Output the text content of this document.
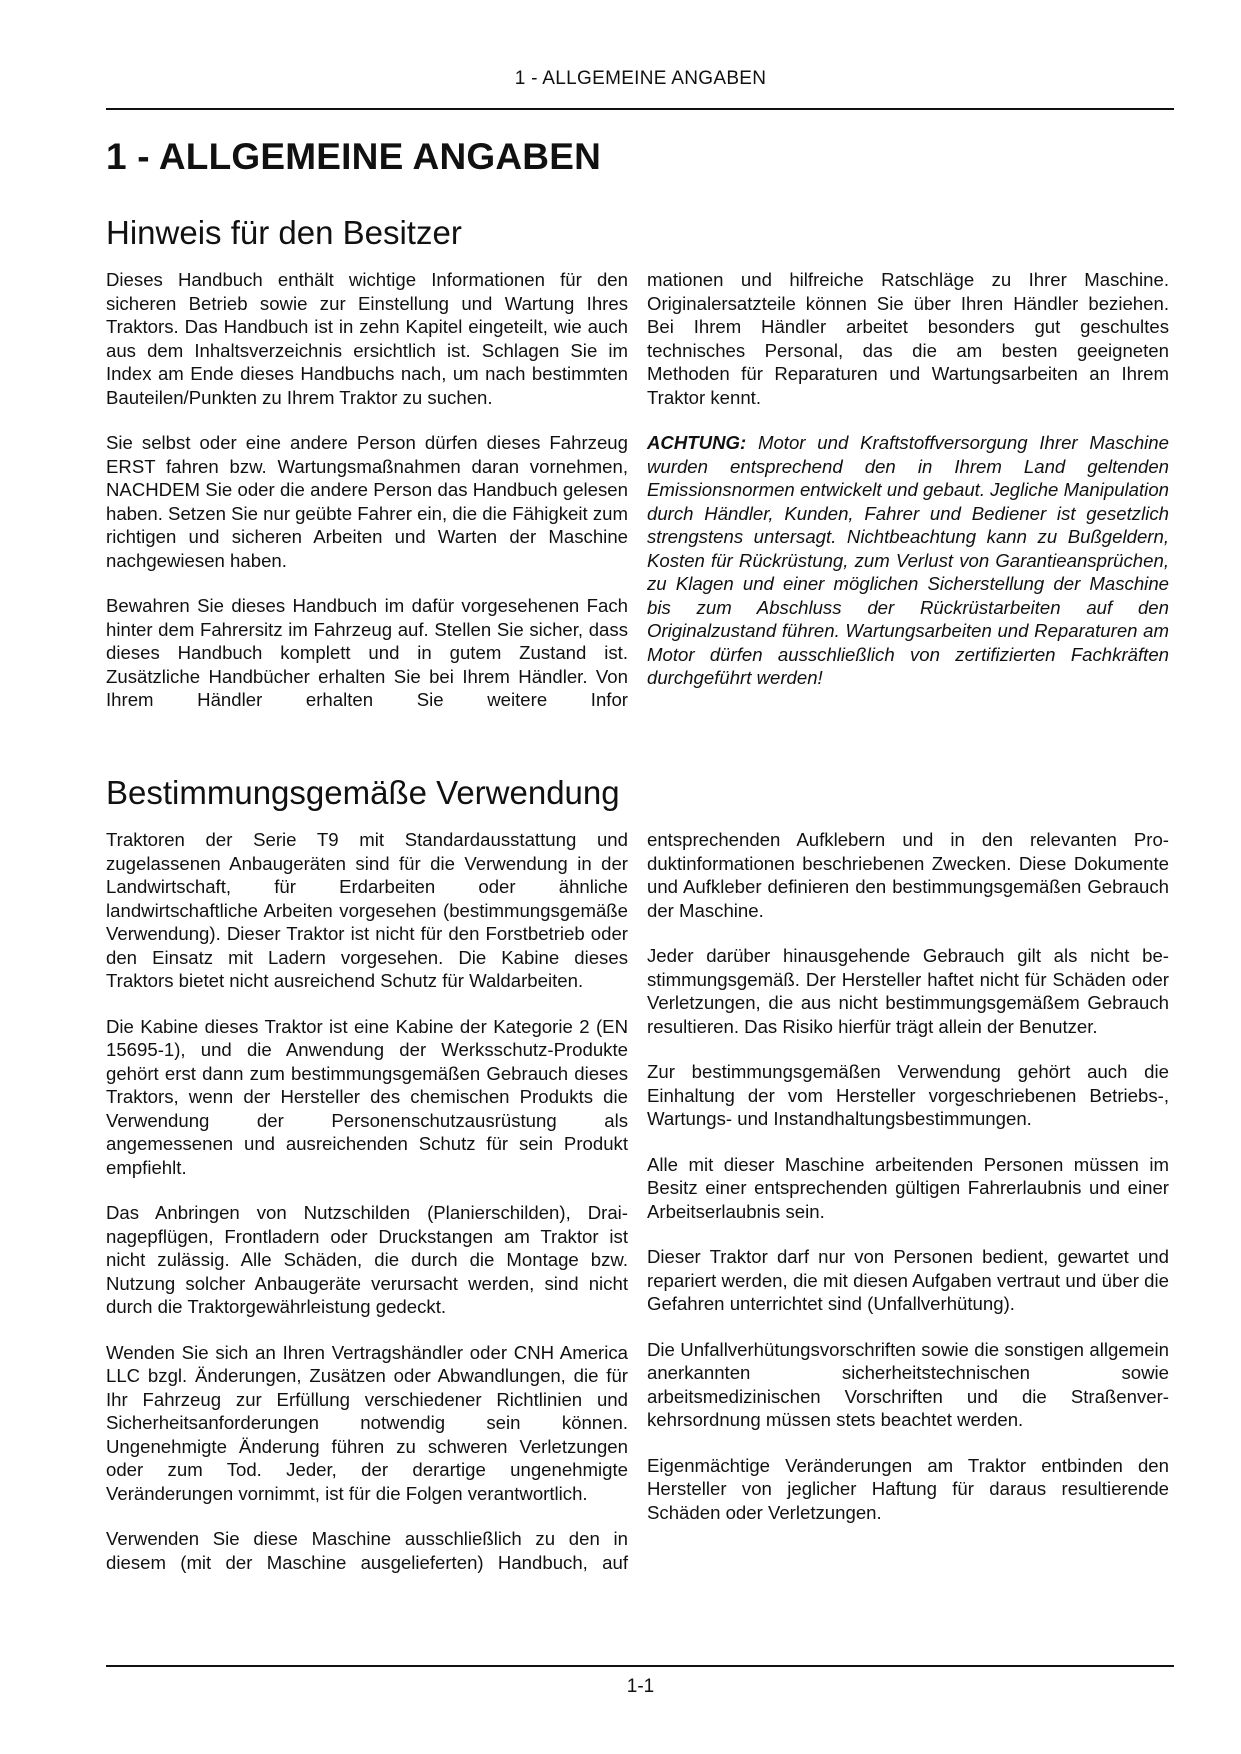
1 - ALLGEMEINE ANGABEN
1 - ALLGEMEINE ANGABEN
Hinweis für den Besitzer

Dieses Handbuch enthält wichtige Informationen für den sicheren Betrieb sowie zur Einstellung und Wartung Ihres Traktors. Das Handbuch ist in zehn Kapitel eingeteilt, wie auch aus dem Inhaltsverzeichnis ersichtlich ist. Schlagen Sie im Index am Ende dieses Handbuchs nach, um nach bestimmten Bauteilen/Punkten zu Ihrem Traktor zu suchen.

Sie selbst oder eine andere Person dürfen dieses Fahrzeug ERST fahren bzw. Wartungsmaßnahmen daran vornehmen, NACHDEM Sie oder die andere Person das Handbuch gelesen haben. Setzen Sie nur geübte Fahrer ein, die die Fähigkeit zum richtigen und sicheren Arbeiten und Warten der Maschine nachgewiesen haben.

Bewahren Sie dieses Handbuch im dafür vorgesehenen Fach hinter dem Fahrersitz im Fahrzeug auf. Stellen Sie sicher, dass dieses Handbuch komplett und in gutem Zustand ist. Zusätzliche Handbücher erhalten Sie bei Ihrem Händler. Von Ihrem Händler erhalten Sie weitere Infor

mationen und hilfreiche Ratschläge zu Ihrer Maschine. Originalersatzteile können Sie über Ihren Händler beziehen. Bei Ihrem Händler arbeitet besonders gut geschultes technisches Personal, das die am besten geeigneten Methoden für Reparaturen und Wartungsarbeiten an Ihrem Traktor kennt.

ACHTUNG: Motor und Kraftstoffversorgung Ihrer Maschine wurden entsprechend den in Ihrem Land geltenden Emissionsnormen entwickelt und gebaut. Jegliche Manipulation durch Händler, Kunden, Fahrer und Bediener ist gesetzlich strengstens untersagt. Nichtbeachtung kann zu Bußgeldern, Kosten für Rückrüstung, zum Verlust von Garantieansprüchen, zu Klagen und einer möglichen Sicherstellung der Maschine bis zum Abschluss der Rückrüstarbeiten auf den Originalzustand führen. Wartungsarbeiten und Reparaturen am Motor dürfen ausschließlich von zertifizierten Fachkräften durchgeführt werden!

Bestimmungsgemäße Verwendung

Traktoren der Serie T9 mit Standardausstattung und zugelassenen Anbaugeräten sind für die Verwendung in der Landwirtschaft, für Erdarbeiten oder ähnliche landwirtschaftliche Arbeiten vorgesehen (bestimmungsgemäße Verwendung). Dieser Traktor ist nicht für den Forstbetrieb oder den Einsatz mit Ladern vorgesehen. Die Kabine dieses Traktors bietet nicht ausreichend Schutz für Waldarbeiten.

Die Kabine dieses Traktor ist eine Kabine der Kategorie 2 (EN 15695-1), und die Anwendung der Werksschutz-Produkte gehört erst dann zum bestimmungsgemäßen Gebrauch dieses Traktors, wenn der Hersteller des chemischen Produkts die Verwendung der Personenschutzausrüstung als angemessenen und ausreichenden Schutz für sein Produkt empfiehlt.

Das Anbringen von Nutzschilden (Planierschilden), Drainagepflügen, Frontladern oder Druckstangen am Traktor ist nicht zulässig. Alle Schäden, die durch die Montage bzw. Nutzung solcher Anbaugeräte verursacht werden, sind nicht durch die Traktorgewährleistung gedeckt.

Wenden Sie sich an Ihren Vertragshändler oder CNH America LLC bzgl. Änderungen, Zusätzen oder Abwandlungen, die für Ihr Fahrzeug zur Erfüllung verschiedener Richtlinien und Sicherheitsanforderungen notwendig sein können. Ungenehmigte Änderung führen zu schweren Verletzungen oder zum Tod. Jeder, der derartige ungenehmigte Veränderungen vornimmt, ist für die Folgen verantwortlich.

Verwenden Sie diese Maschine ausschließlich zu den in diesem (mit der Maschine ausgelieferten) Handbuch, auf

entsprechenden Aufklebern und in den relevanten Produktinformationen beschriebenen Zwecken. Diese Dokumente und Aufkleber definieren den bestimmungsgemäßen Gebrauch der Maschine.

Jeder darüber hinausgehende Gebrauch gilt als nicht bestimmungsgemäß. Der Hersteller haftet nicht für Schäden oder Verletzungen, die aus nicht bestimmungsgemäßem Gebrauch resultieren. Das Risiko hierfür trägt allein der Benutzer.

Zur bestimmungsgemäßen Verwendung gehört auch die Einhaltung der vom Hersteller vorgeschriebenen Betriebs-, Wartungs- und Instandhaltungsbestimmungen.

Alle mit dieser Maschine arbeitenden Personen müssen im Besitz einer entsprechenden gültigen Fahrerlaubnis und einer Arbeitserlaubnis sein.

Dieser Traktor darf nur von Personen bedient, gewartet und repariert werden, die mit diesen Aufgaben vertraut und über die Gefahren unterrichtet sind (Unfallverhütung).

Die Unfallverhütungsvorschriften sowie die sonstigen allgemein anerkannten sicherheitstechnischen sowie arbeitsmedizinischen Vorschriften und die Straßenverkehrsordnung müssen stets beachtet werden.

Eigenmächtige Veränderungen am Traktor entbinden den Hersteller von jeglicher Haftung für daraus resultierende Schäden oder Verletzungen.

1-1
